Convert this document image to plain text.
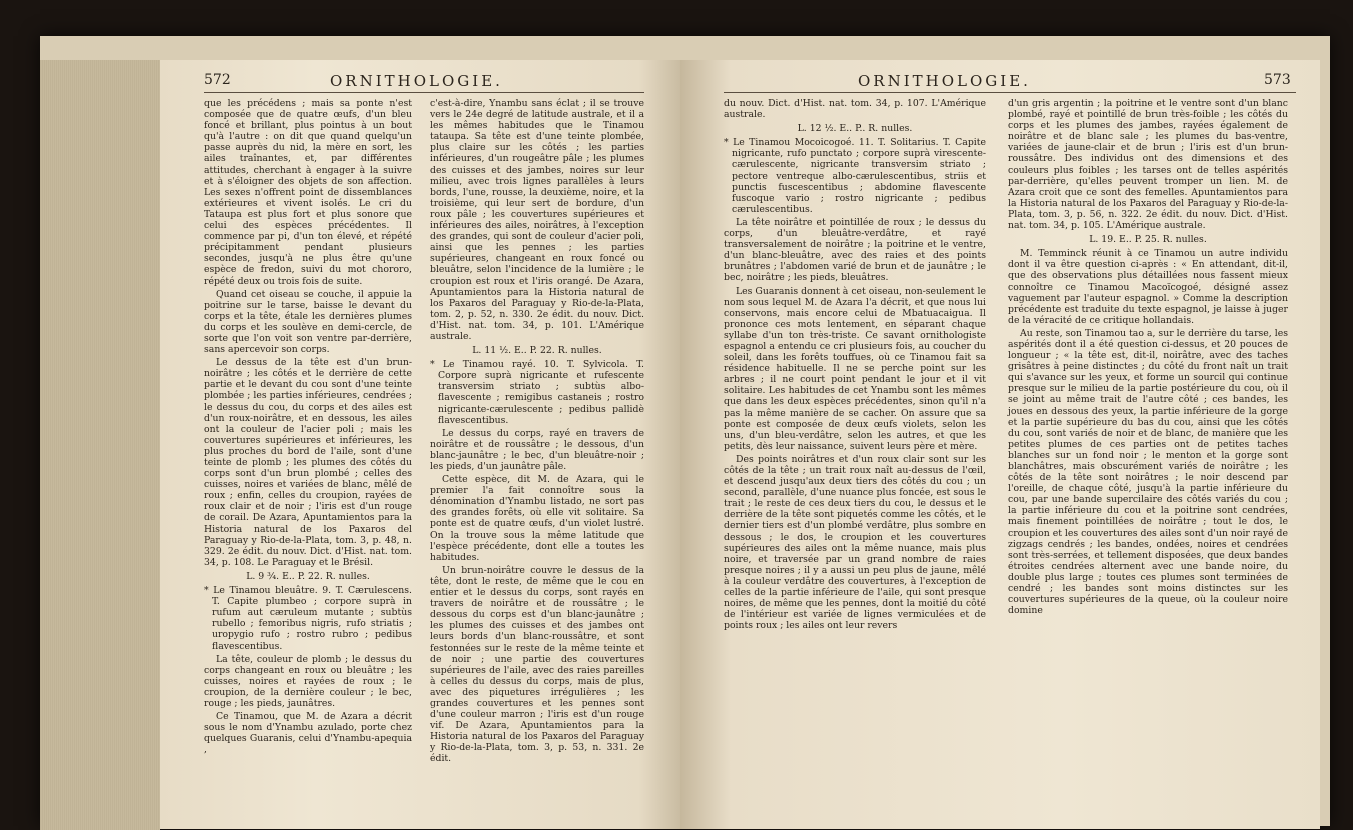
572	ORNITHOLOGIE.

que les précédens ; mais sa ponte n'est composée que de quatre œufs, d'un bleu foncé et brillant, plus pointus à un bout qu'à l'autre : on dit que quand quelqu'un passe auprès du nid, la mère en sort, les ailes traînantes, et, par différentes attitudes, cherchant à engager à la suivre et à s'éloigner des objets de son affection. Les sexes n'offrent point de dissemblances extérieures et vivent isolés. Le cri du Tataupa est plus fort et plus sonore que celui des espèces précédentes. Il commence par pi, d'un ton élevé, et répété précipitamment pendant plusieurs secondes, jusqu'à ne plus être qu'une espèce de fredon, suivi du mot chororo, répété deux ou trois fois de suite.

Quand cet oiseau se couche, il appuie la poitrine sur le tarse, baisse le devant du corps et la tête, étale les dernières plumes du corps et les soulève en demi-cercle, de sorte que l'on voit son ventre par-derrière, sans apercevoir son corps.

Le dessus de la tête est d'un brun-noirâtre ; les côtés et le derrière de cette partie et le devant du cou sont d'une teinte plombée ; les parties inférieures, cendrées ; le dessus du cou, du corps et des ailes est d'un roux-noirâtre, et en dessous, les ailes ont la couleur de l'acier poli ; mais les couvertures supérieures et inférieures, les plus proches du bord de l'aile, sont d'une teinte de plomb ; les plumes des côtés du corps sont d'un brun plombé ; celles des cuisses, noires et variées de blanc, mêlé de roux ; enfin, celles du croupion, rayées de roux clair et de noir ; l'iris est d'un rouge de corail. De Azara, Apuntamientos para la Historia natural de los Paxaros del Paraguay y Rio-de-la-Plata, tom. 3, p. 48, n. 329. 2e édit. du nouv. Dict. d'Hist. nat. tom. 34, p. 108. Le Paraguay et le Brésil.

L. 9 ¾. E.. P. 22. R. nulles.

* Le Tinamou bleuâtre. 9. T. Cærulescens. T. Capite plumbeo ; corpore suprà in rufum aut cæruleum mutante ; subtùs rubello ; femoribus nigris, rufo striatis ; uropygio rufo ; rostro rubro ; pedibus flavescentibus.

La tête, couleur de plomb ; le dessus du corps changeant en roux ou bleuâtre ; les cuisses, noires et rayées de roux ; le croupion, de la dernière couleur ; le bec, rouge ; les pieds, jaunâtres.

Ce Tinamou, que M. de Azara a décrit sous le nom d'Ynambu azulado, porte chez quelques Guaranis, celui d'Ynambu-apequia ,

c'est-à-dire, Ynambu sans éclat ; il se trouve vers le 24e degré de latitude australe, et il a les mêmes habitudes que le Tinamou tataupa. Sa tête est d'une teinte plombée, plus claire sur les côtés ; les parties inférieures, d'un rougeâtre pâle ; les plumes des cuisses et des jambes, noires sur leur milieu, avec trois lignes parallèles à leurs bords, l'une, rousse, la deuxième, noire, et la troisième, qui leur sert de bordure, d'un roux pâle ; les couvertures supérieures et inférieures des ailes, noirâtres, à l'exception des grandes, qui sont de couleur d'acier poli, ainsi que les pennes ; les parties supérieures, changeant en roux foncé ou bleuâtre, selon l'incidence de la lumière ; le croupion est roux et l'iris orangé. De Azara, Apuntamientos para la Historia natural de los Paxaros del Paraguay y Rio-de-la-Plata, tom. 2, p. 52, n. 330. 2e édit. du nouv. Dict. d'Hist. nat. tom. 34, p. 101. L'Amérique australe.

L. 11 ½. E.. P. 22. R. nulles.

* Le Tinamou rayé. 10. T. Sylvicola. T. Corpore suprà nigricante et rufescente transversim striato ; subtùs albo-flavescente ; remigibus castaneis ; rostro nigricante-cærulescente ; pedibus pallidè flavescentibus.

Le dessus du corps, rayé en travers de noirâtre et de roussâtre ; le dessous, d'un blanc-jaunâtre ; le bec, d'un bleuâtre-noir ; les pieds, d'un jaunâtre pâle.

Cette espèce, dit M. de Azara, qui le premier l'a fait connoître sous la dénomination d'Ynambu listado, ne sort pas des grandes forêts, où elle vit solitaire. Sa ponte est de quatre œufs, d'un violet lustré. On la trouve sous la même latitude que l'espèce précédente, dont elle a toutes les habitudes.

Un brun-noirâtre couvre le dessus de la tête, dont le reste, de même que le cou en entier et le dessus du corps, sont rayés en travers de noirâtre et de roussâtre ; le dessous du corps est d'un blanc-jaunâtre ; les plumes des cuisses et des jambes ont leurs bords d'un blanc-roussâtre, et sont festonnées sur le reste de la même teinte et de noir ; une partie des couvertures supérieures de l'aile, avec des raies pareilles à celles du dessus du corps, mais de plus, avec des piquetures irrégulières ; les grandes couvertures et les pennes sont d'une couleur marron ; l'iris est d'un rouge vif. De Azara, Apuntamientos para la Historia natural de los Paxaros del Paraguay y Rio-de-la-Plata, tom. 3, p. 53, n. 331. 2e édit.

ORNITHOLOGIE.	573

du nouv. Dict. d'Hist. nat. tom. 34, p. 107. L'Amérique australe.

L. 12 ½. E.. P.. R. nulles.

* Le Tinamou Mocoicogoé. 11. T. Solitarius. T. Capite nigricante, rufo punctato ; corpore suprà virescente-cærulescente, nigricante transversim striato ; pectore ventreque albo-cærulescentibus, striis et punctis fuscescentibus ; abdomine flavescente fuscoque vario ; rostro nigricante ; pedibus cærulescentibus.

La tête noirâtre et pointillée de roux ; le dessus du corps, d'un bleuâtre-verdâtre, et rayé transversalement de noirâtre ; la poitrine et le ventre, d'un blanc-bleuâtre, avec des raies et des points brunâtres ; l'abdomen varié de brun et de jaunâtre ; le bec, noirâtre ; les pieds, bleuâtres.

Les Guaranis donnent à cet oiseau, non-seulement le nom sous lequel M. de Azara l'a décrit, et que nous lui conservons, mais encore celui de Mbatuacaigua. Il prononce ces mots lentement, en séparant chaque syllabe d'un ton très-triste. Ce savant ornithologiste espagnol a entendu ce cri plusieurs fois, au coucher du soleil, dans les forêts touffues, où ce Tinamou fait sa résidence habituelle. Il ne se perche point sur les arbres ; il ne court point pendant le jour et il vit solitaire. Les habitudes de cet Ynambu sont les mêmes que dans les deux espèces précédentes, sinon qu'il n'a pas la même manière de se cacher. On assure que sa ponte est composée de deux œufs violets, selon les uns, d'un bleu-verdâtre, selon les autres, et que les petits, dès leur naissance, suivent leurs père et mère.

Des points noirâtres et d'un roux clair sont sur les côtés de la tête ; un trait roux naît au-dessus de l'œil, et descend jusqu'aux deux tiers des côtés du cou ; un second, parallèle, d'une nuance plus foncée, est sous le trait ; le reste de ces deux tiers du cou, le dessus et le derrière de la tête sont piquetés comme les côtés, et le dernier tiers est d'un plombé verdâtre, plus sombre en dessous ; le dos, le croupion et les couvertures supérieures des ailes ont la même nuance, mais plus noire, et traversée par un grand nombre de raies presque noires ; il y a aussi un peu plus de jaune, mêlé à la couleur verdâtre des couvertures, à l'exception de celles de la partie inférieure de l'aile, qui sont presque noires, de même que les pennes, dont la moitié du côté de l'intérieur est variée de lignes vermiculées et de points roux ; les ailes ont leur revers

d'un gris argentin ; la poitrine et le ventre sont d'un blanc plombé, rayé et pointillé de brun très-foible ; les côtés du corps et les plumes des jambes, rayées également de noirâtre et de blanc sale ; les plumes du bas-ventre, variées de jaune-clair et de brun ; l'iris est d'un brun-roussâtre. Des individus ont des dimensions et des couleurs plus foibles ; les tarses ont de telles aspérités par-derrière, qu'elles peuvent tromper un lien. M. de Azara croit que ce sont des femelles. Apuntamientos para la Historia natural de los Paxaros del Paraguay y Rio-de-la-Plata, tom. 3, p. 56, n. 322. 2e édit. du nouv. Dict. d'Hist. nat. tom. 34, p. 105. L'Amérique australe.

L. 19. E.. P. 25. R. nulles.

M. Temminck réunit à ce Tinamou un autre individu dont il va être question ci-après : « En attendant, dit-il, que des observations plus détaillées nous fassent mieux connoître ce Tinamou Macoïcogoé, désigné assez vaguement par l'auteur espagnol. » Comme la description précédente est traduite du texte espagnol, je laisse à juger de la véracité de ce critique hollandais.

Au reste, son Tinamou tao a, sur le derrière du tarse, les aspérités dont il a été question ci-dessus, et 20 pouces de longueur ; « la tête est, dit-il, noirâtre, avec des taches grisâtres à peine distinctes ; du côté du front naît un trait qui s'avance sur les yeux, et forme un sourcil qui continue presque sur le milieu de la partie postérieure du cou, où il se joint au même trait de l'autre côté ; ces bandes, les joues en dessous des yeux, la partie inférieure de la gorge et la partie supérieure du bas du cou, ainsi que les côtés du cou, sont variés de noir et de blanc, de manière que les petites plumes de ces parties ont de petites taches blanches sur un fond noir ; le menton et la gorge sont blanchâtres, mais obscurément variés de noirâtre ; les côtés de la tête sont noirâtres ; le noir descend par l'oreille, de chaque côté, jusqu'à la partie inférieure du cou, par une bande supercilaire des côtés variés du cou ; la partie inférieure du cou et la poitrine sont cendrées, mais finement pointillées de noirâtre ; tout le dos, le croupion et les couvertures des ailes sont d'un noir rayé de zigzags cendrés ; les bandes, ondées, noires et cendrées sont très-serrées, et tellement disposées, que deux bandes étroites cendrées alternent avec une bande noire, du double plus large ; toutes ces plumes sont terminées de cendré ; les bandes sont moins distinctes sur les couvertures supérieures de la queue, où la couleur noire domine
